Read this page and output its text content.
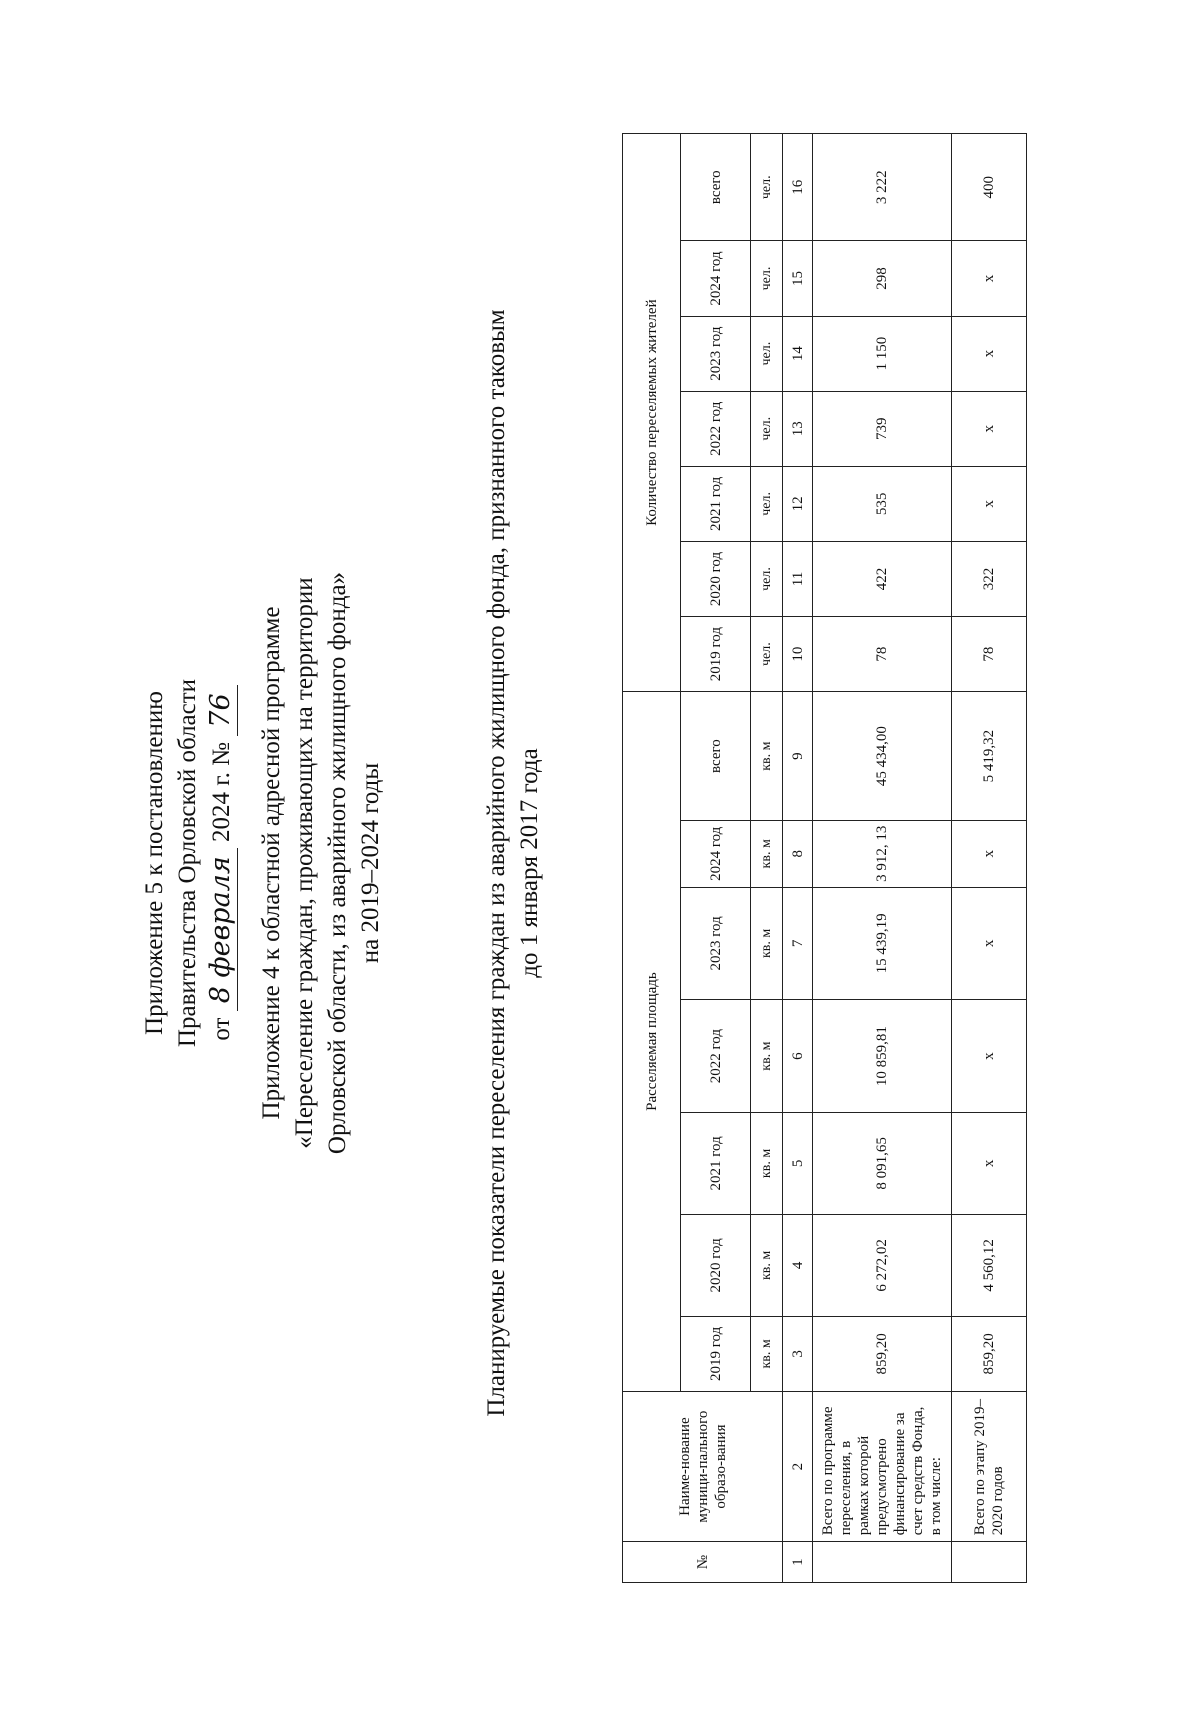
Приложение 5 к постановлению Правительства Орловской области от 8 февраля 2024 г. № 76 Приложение 4 к областной адресной программе «Переселение граждан, проживающих на территории Орловской области, из аварийного жилищного фонда» на 2019–2024 годы	Планируемые показатели переселения граждан из аварийного жилищного фонда, признанного таковым до 1 января 2017 года
№	Наиме-нование муници-пального образо-вания	Расселяемая площадь							Количество переселяемых жителей						
		2019 год	2020 год	2021 год	2022 год	2023 год	2024 год	всего	2019 год	2020 год	2021 год	2022 год	2023 год	2024 год	всего
		кв. м	кв. м	кв. м	кв. м	кв. м	кв. м	кв. м	чел.	чел.	чел.	чел.	чел.	чел.	чел.
1	2	3	4	5	6	7	8	9	10	11	12	13	14	15	16
	Всего по программе переселения, в рамках которой предусмотрено финансирование за счет средств Фонда, в том числе:	859,20	6 272,02	8 091,65	10 859,81	15 439,19	3 912, 13	45 434,00	78	422	535	739	1 150	298	3 222
	Всего по этапу 2019–2020 годов	859,20	4 560,12	х	х	х	х	5 419,32	78	322	х	х	х	х	400
